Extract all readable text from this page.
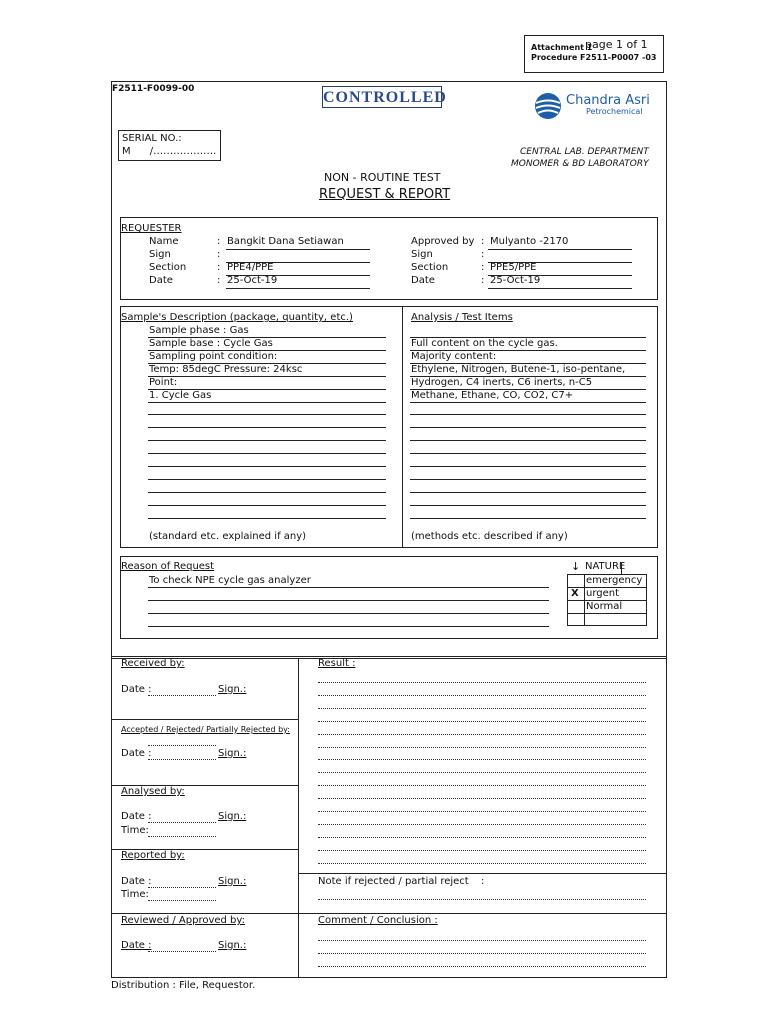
Attachment 1
page 1 of 1
Procedure F2511-P0007 -03
F2511-F0099-00	CONTROLLED	Chandra Asri
Petrochemical
SERIAL NO.:
M      /……………….	CENTRAL LAB. DEPARTMENT
MONOMER & BD LABORATORY
NON - ROUTINE TEST
REQUEST & REPORT
REQUESTER
Name	: Bangkit Dana Setiawan
Sign	:
Section	: PPE4/PPE
Date	: 25-Oct-19
Approved by : Mulyanto -2170
Sign	:
Section	: PPE5/PPE
Date	: 25-Oct-19
Sample's Description (package, quantity, etc.)	Analysis / Test Items
Sample phase : Gas
Sample base : Cycle Gas
Sampling point condition:
Temp: 85degC Pressure: 24ksc
Point:
1. Cycle Gas
Full content on the cycle gas.
Majority content:
Ethylene, Nitrogen, Butene-1, iso-pentane,
Hydrogen, C4 inerts, C6 inerts, n-C5
Methane, Ethane, CO, CO2, C7+
(standard etc. explained if any)	(methods etc. described if any)
Reason of Request
To check NPE cycle gas analyzer
NATURE
↓
emergency
X urgent
Normal
Received by:
Date :	Sign.:
Accepted / Rejected/ Partially Rejected by:
Date :	Sign.:
Analysed by:
Date :	Sign.:
Time:
Reported by:
Date :	Sign.:
Time:
Reviewed / Approved by:
Date :	Sign.:
Result :
Note if rejected / partial reject :
Comment / Conclusion :
Distribution : File, Requestor.
